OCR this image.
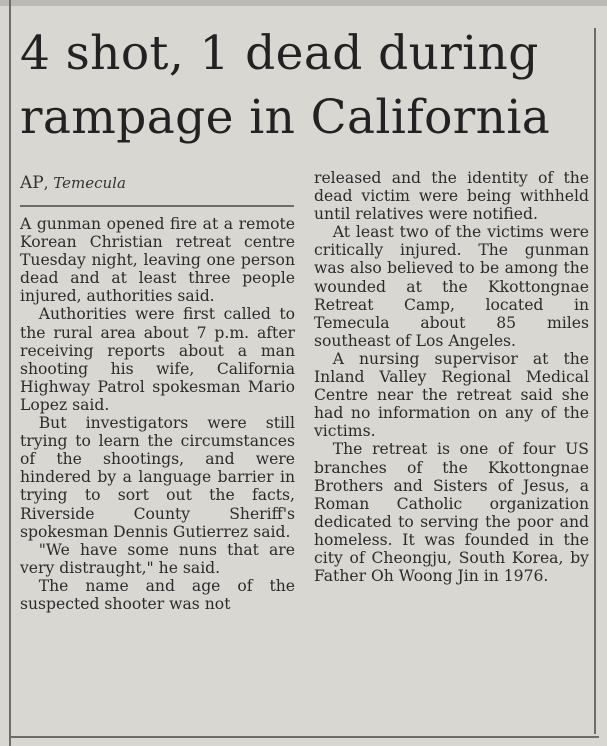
4 shot, 1 dead during rampage in California
AP, Temecula

A gunman opened fire at a remote Korean Christian retreat centre Tuesday night, leaving one person dead and at least three people injured, authorities said.

Authorities were first called to the rural area about 7 p.m. after receiving reports about a man shooting his wife, California Highway Patrol spokesman Mario Lopez said.

But investigators were still trying to learn the circumstances of the shootings, and were hindered by a language barrier in trying to sort out the facts, Riverside County Sheriff's spokesman Dennis Gutierrez said.

"We have some nuns that are very distraught," he said.

The name and age of the suspected shooter was not

released and the identity of the dead victim were being withheld until relatives were notified.

At least two of the victims were critically injured. The gunman was also believed to be among the wounded at the Kkottongnae Retreat Camp, located in Temecula about 85 miles southeast of Los Angeles.

A nursing supervisor at the Inland Valley Regional Medical Centre near the retreat said she had no information on any of the victims.

The retreat is one of four US branches of the Kkottongnae Brothers and Sisters of Jesus, a Roman Catholic organization dedicated to serving the poor and homeless. It was founded in the city of Cheongju, South Korea, by Father Oh Woong Jin in 1976.
